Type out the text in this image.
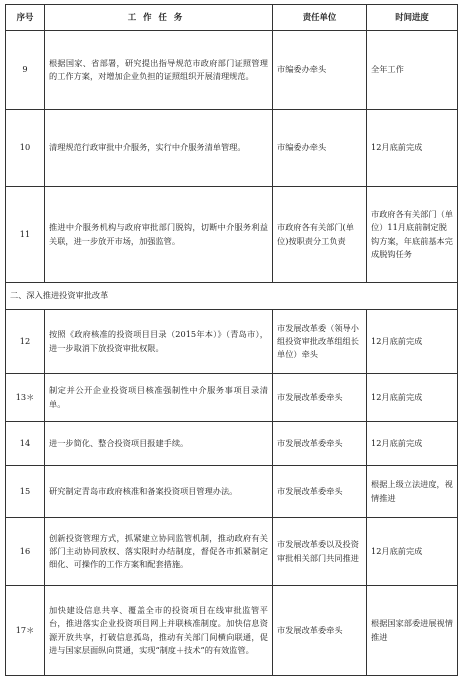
序号	工作任务	责任单位	时间进度
9	根据国家、省部署，研究提出指导规范市政府部门证照管理的工作方案，对增加企业负担的证照组织开展清理规范。	市编委办牵头	全年工作
10	清理规范行政审批中介服务，实行中介服务清单管理。	市编委办牵头	12月底前完成
11	推进中介服务机构与政府审批部门脱钩，切断中介服务利益关联，进一步放开市场，加强监管。	市政府各有关部门(单位)按职责分工负责	市政府各有关部门（单位）11月底前制定脱钩方案，年底前基本完成脱钩任务
二、深入推进投资审批改革			
12	按照《政府核准的投资项目目录（2015年本）》（青岛市），进一步取消下放投资审批权限。	市发展改革委（领导小组投资审批改革组组长单位）牵头	12月底前完成
13＊	制定并公开企业投资项目核准强制性中介服务事项目录清单。	市发展改革委牵头	12月底前完成
14	进一步简化、整合投资项目报建手续。	市发展改革委牵头	12月底前完成
15	研究制定青岛市政府核准和备案投资项目管理办法。	市发展改革委牵头	根据上级立法进度，视情推进
16	创新投资管理方式，抓紧建立协同监管机制，推动政府有关部门主动协同放权、落实限时办结制度，督促各市抓紧制定细化、可操作的工作方案和配套措施。	市发展改革委以及投资审批相关部门共同推进	12月底前完成
17＊	加快建设信息共享、覆盖全市的投资项目在线审批监管平台，推进落实企业投资项目网上并联核准制度。加快信息资源开放共享，打破信息孤岛，推动有关部门间横向联通，促进与国家层面纵向贯通，实现“制度＋技术”的有效监管。	市发展改革委牵头	根据国家部委进展视情推进
